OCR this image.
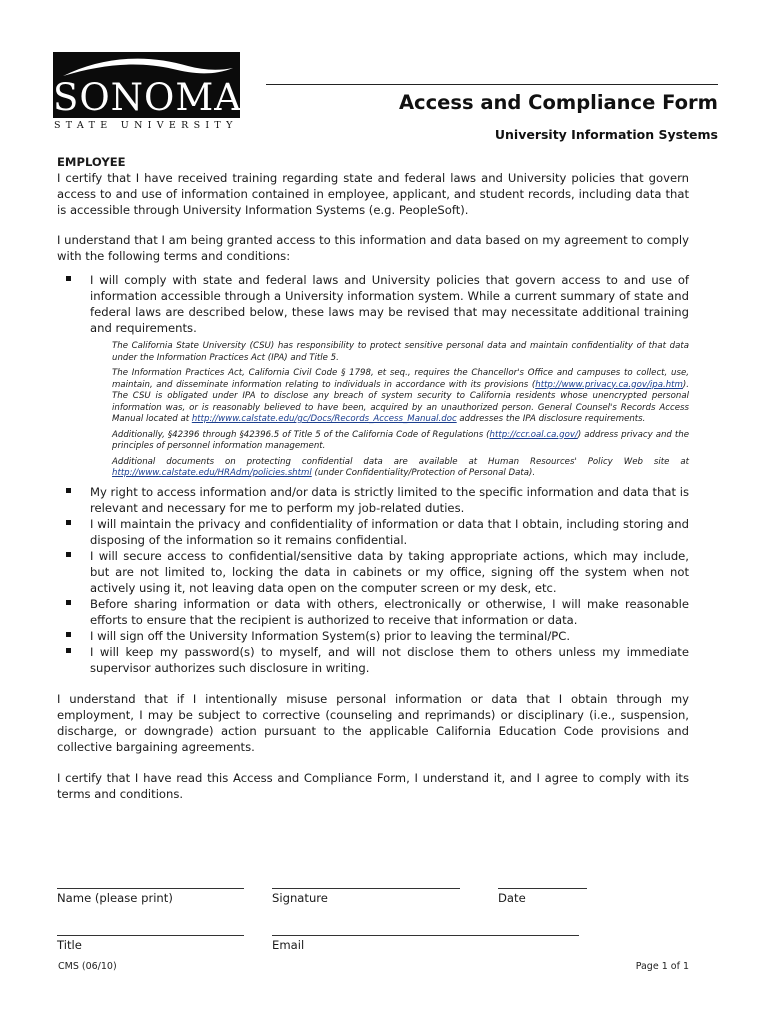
SONOMA
STATE UNIVERSITY
Access and Compliance Form
University Information Systems
EMPLOYEE

I certify that I have received training regarding state and federal laws and University policies that govern access to and use of information contained in employee, applicant, and student records, including data that is accessible through University Information Systems (e.g. PeopleSoft).

I understand that I am being granted access to this information and data based on my agreement to comply with the following terms and conditions:

I will comply with state and federal laws and University policies that govern access to and use of information accessible through a University information system. While a current summary of state and federal laws are described below, these laws may be revised that may necessitate additional training and requirements.

The California State University (CSU) has responsibility to protect sensitive personal data and maintain confidentiality of that data under the Information Practices Act (IPA) and Title 5.

The Information Practices Act, California Civil Code § 1798, et seq., requires the Chancellor's Office and campuses to collect, use, maintain, and disseminate information relating to individuals in accordance with its provisions (http://www.privacy.ca.gov/ipa.htm). The CSU is obligated under IPA to disclose any breach of system security to California residents whose unencrypted personal information was, or is reasonably believed to have been, acquired by an unauthorized person. General Counsel's Records Access Manual located at http://www.calstate.edu/gc/Docs/Records_Access_Manual.doc addresses the IPA disclosure requirements.

Additionally, §42396 through §42396.5 of Title 5 of the California Code of Regulations (http://ccr.oal.ca.gov/) address privacy and the principles of personnel information management.

Additional documents on protecting confidential data are available at Human Resources' Policy Web site at http://www.calstate.edu/HRAdm/policies.shtml (under Confidentiality/Protection of Personal Data).

My right to access information and/or data is strictly limited to the specific information and data that is relevant and necessary for me to perform my job-related duties.
I will maintain the privacy and confidentiality of information or data that I obtain, including storing and disposing of the information so it remains confidential.
I will secure access to confidential/sensitive data by taking appropriate actions, which may include, but are not limited to, locking the data in cabinets or my office, signing off the system when not actively using it, not leaving data open on the computer screen or my desk, etc.
Before sharing information or data with others, electronically or otherwise, I will make reasonable efforts to ensure that the recipient is authorized to receive that information or data.
I will sign off the University Information System(s) prior to leaving the terminal/PC.
I will keep my password(s) to myself, and will not disclose them to others unless my immediate supervisor authorizes such disclosure in writing.

I understand that if I intentionally misuse personal information or data that I obtain through my employment, I may be subject to corrective (counseling and reprimands) or disciplinary (i.e., suspension, discharge, or downgrade) action pursuant to the applicable California Education Code provisions and collective bargaining agreements.

I certify that I have read this Access and Compliance Form, I understand it, and I agree to comply with its terms and conditions.

Name (please print)	Signature	Date
Title	Email
CMS (06/10)	Page 1 of 1
